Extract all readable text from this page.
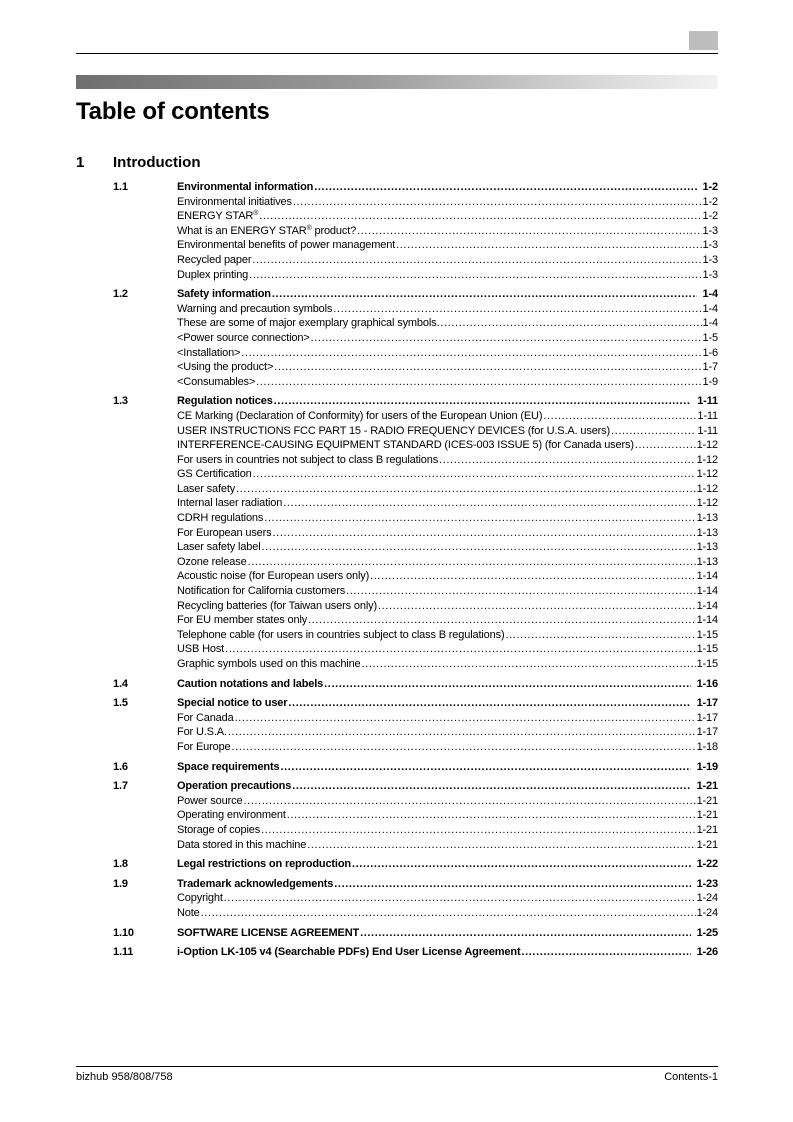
Table of contents
1 Introduction
1.1	Environmental information .....	1-2
Environmental initiatives .....	1-2
ENERGY STAR® .....	1-2
What is an ENERGY STAR® product? .....	1-3
Environmental benefits of power management .....	1-3
Recycled paper .....	1-3
Duplex printing .....	1-3
1.2	Safety information .....	1-4
Warning and precaution symbols .....	1-4
These are some of major exemplary graphical symbols. .....	1-4
<Power source connection> .....	1-5
<Installation> .....	1-6
<Using the product> .....	1-7
<Consumables> .....	1-9
1.3	Regulation notices .....	1-11
CE Marking (Declaration of Conformity) for users of the European Union (EU) .....	1-11
USER INSTRUCTIONS FCC PART 15 - RADIO FREQUENCY DEVICES (for U.S.A. users) .....	1-11
INTERFERENCE-CAUSING EQUIPMENT STANDARD (ICES-003 ISSUE 5) (for Canada users) .....	1-12
For users in countries not subject to class B regulations .....	1-12
GS Certification .....	1-12
Laser safety .....	1-12
Internal laser radiation .....	1-12
CDRH regulations .....	1-13
For European users .....	1-13
Laser safety label .....	1-13
Ozone release .....	1-13
Acoustic noise (for European users only) .....	1-14
Notification for California customers .....	1-14
Recycling batteries (for Taiwan users only) .....	1-14
For EU member states only .....	1-14
Telephone cable (for users in countries subject to class B regulations) .....	1-15
USB Host .....	1-15
Graphic symbols used on this machine .....	1-15
1.4	Caution notations and labels .....	1-16
1.5	Special notice to user .....	1-17
For Canada .....	1-17
For U.S.A. .....	1-17
For Europe .....	1-18
1.6	Space requirements .....	1-19
1.7	Operation precautions .....	1-21
Power source .....	1-21
Operating environment .....	1-21
Storage of copies .....	1-21
Data stored in this machine .....	1-21
1.8	Legal restrictions on reproduction .....	1-22
1.9	Trademark acknowledgements .....	1-23
Copyright .....	1-24
Note .....	1-24
1.10	SOFTWARE LICENSE AGREEMENT .....	1-25
1.11	i-Option LK-105 v4 (Searchable PDFs) End User License Agreement .....	1-26
bizhub 958/808/758	Contents-1
